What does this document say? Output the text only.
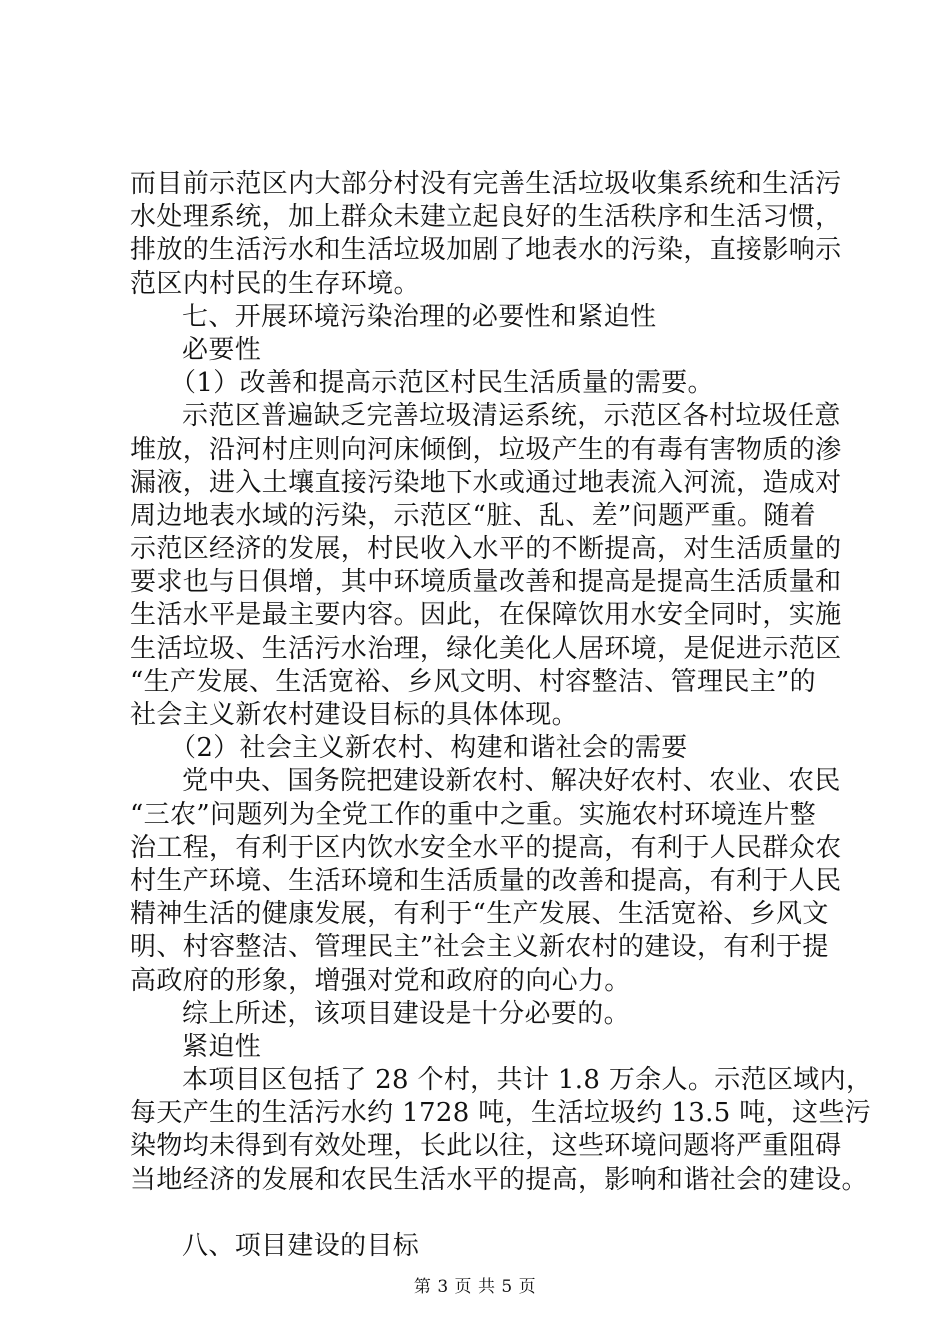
而目前示范区内大部分村没有完善生活垃圾收集系统和生活污
水处理系统，加上群众未建立起良好的生活秩序和生活习惯，
排放的生活污水和生活垃圾加剧了地表水的污染，直接影响示
范区内村民的生存环境。
七、开展环境污染治理的必要性和紧迫性
必要性
（1）改善和提高示范区村民生活质量的需要。
示范区普遍缺乏完善垃圾清运系统，示范区各村垃圾任意
堆放，沿河村庄则向河床倾倒，垃圾产生的有毒有害物质的渗
漏液，进入土壤直接污染地下水或通过地表流入河流，造成对
周边地表水域的污染，示范区“脏、乱、差”问题严重。随着
示范区经济的发展，村民收入水平的不断提高，对生活质量的
要求也与日俱增，其中环境质量改善和提高是提高生活质量和
生活水平是最主要内容。因此，在保障饮用水安全同时，实施
生活垃圾、生活污水治理，绿化美化人居环境，是促进示范区
“生产发展、生活宽裕、乡风文明、村容整洁、管理民主”的
社会主义新农村建设目标的具体体现。
（2）社会主义新农村、构建和谐社会的需要
党中央、国务院把建设新农村、解决好农村、农业、农民
“三农”问题列为全党工作的重中之重。实施农村环境连片整
治工程，有利于区内饮水安全水平的提高，有利于人民群众农
村生产环境、生活环境和生活质量的改善和提高，有利于人民
精神生活的健康发展，有利于“生产发展、生活宽裕、乡风文
明、村容整洁、管理民主”社会主义新农村的建设，有利于提
高政府的形象，增强对党和政府的向心力。
综上所述，该项目建设是十分必要的。
紧迫性
本项目区包括了 28 个村，共计 1.8 万余人。示范区域内，
每天产生的生活污水约 1728 吨，生活垃圾约 13.5 吨，这些污
染物均未得到有效处理，长此以往，这些环境问题将严重阻碍
当地经济的发展和农民生活水平的提高，影响和谐社会的建设。
八、项目建设的目标
第 3 页 共 5 页
